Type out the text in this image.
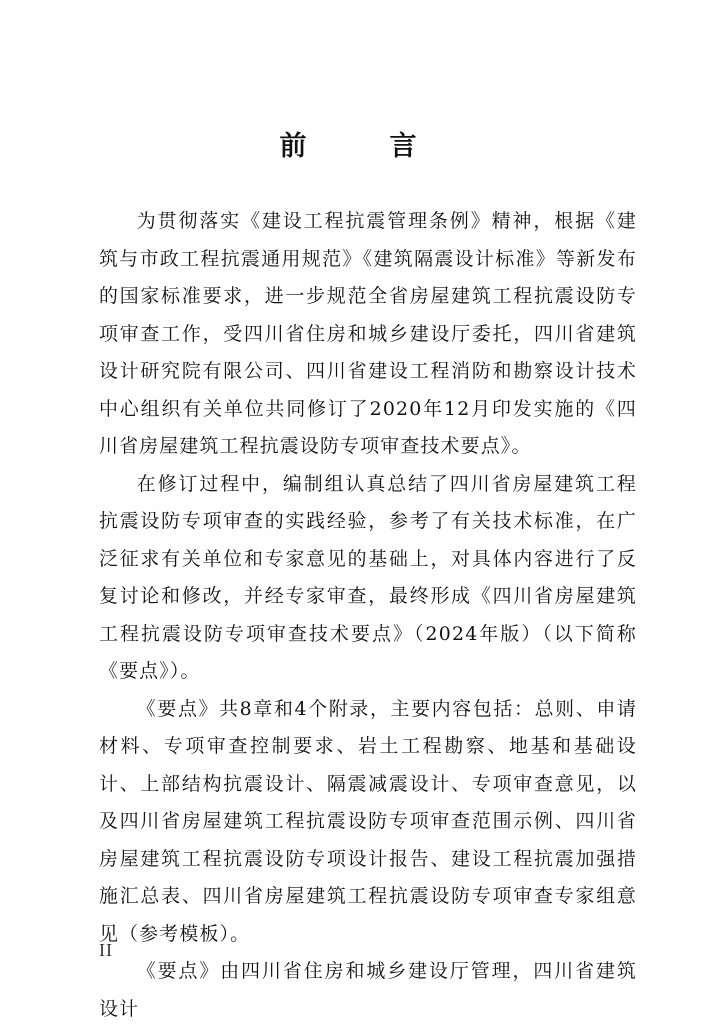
前　言

为贯彻落实《建设工程抗震管理条例》精神，根据《建筑与市政工程抗震通用规范》《建筑隔震设计标准》等新发布的国家标准要求，进一步规范全省房屋建筑工程抗震设防专项审查工作，受四川省住房和城乡建设厅委托，四川省建筑设计研究院有限公司、四川省建设工程消防和勘察设计技术中心组织有关单位共同修订了2020年12月印发实施的《四川省房屋建筑工程抗震设防专项审查技术要点》。

在修订过程中，编制组认真总结了四川省房屋建筑工程抗震设防专项审查的实践经验，参考了有关技术标准，在广泛征求有关单位和专家意见的基础上，对具体内容进行了反复讨论和修改，并经专家审查，最终形成《四川省房屋建筑工程抗震设防专项审查技术要点》（2024年版）（以下简称《要点》）。

《要点》共8章和4个附录，主要内容包括：总则、申请材料、专项审查控制要求、岩土工程勘察、地基和基础设计、上部结构抗震设计、隔震减震设计、专项审查意见，以及四川省房屋建筑工程抗震设防专项审查范围示例、四川省房屋建筑工程抗震设防专项设计报告、建设工程抗震加强措施汇总表、四川省房屋建筑工程抗震设防专项审查专家组意见（参考模板）。

《要点》由四川省住房和城乡建设厅管理，四川省建筑设计

II
